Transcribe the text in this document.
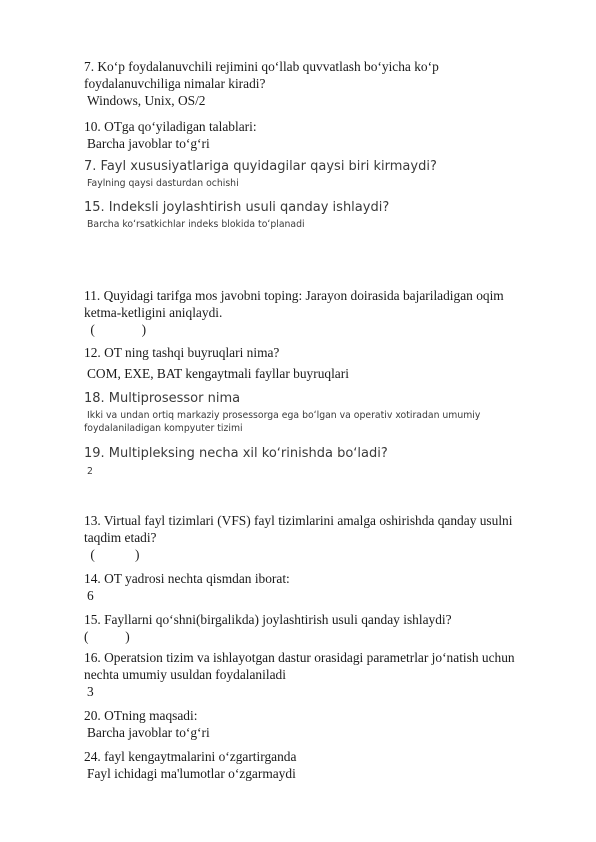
7. Ko‘p foydalanuvchili rejimini qo‘llab quvvatlash bo‘yicha ko‘p
foydalanuvchiliga nimalar kiradi?
Windows, Unix, OS/2
10. OTga qo‘yiladigan talablari:
Barcha javoblar to‘g‘ri
7. Fayl xususiyatlariga quyidagilar qaysi biri kirmaydi?
Faylning qaysi dasturdan ochishi
15. Indeksli joylashtirish usuli qanday ishlaydi?
Barcha koʻrsatkichlar indeks blokida toʻplanadi
11. Quyidagi tarifga mos javobni toping: Jarayon doirasida bajariladigan oqim
ketma-ketligini aniqlaydi.
(              )
12. OT ning tashqi buyruqlari nima?
COM, EXE, BAT kengaytmali fayllar buyruqlari
18. Multiprosessor nima
Ikki va undan ortiq markaziy prosessorga ega boʻlgan va operativ xotiradan umumiy
foydalaniladigan kompyuter tizimi
19. Multipleksing necha xil koʻrinishda boʻladi?
2
13. Virtual fayl tizimlari (VFS) fayl tizimlarini amalga oshirishda qanday usulni
taqdim etadi?
(            )
14. OT yadrosi nechta qismdan iborat:
6
15. Fayllarni qo‘shni(birgalikda) joylashtirish usuli qanday ishlaydi?
(           )
16. Operatsion tizim va ishlayotgan dastur orasidagi parametrlar jo‘natish uchun
nechta umumiy usuldan foydalaniladi
3
20. OTning maqsadi:
Barcha javoblar to‘g‘ri
24. fayl kengaytmalarini o‘zgartirganda
Fayl ichidagi ma'lumotlar o‘zgarmaydi
